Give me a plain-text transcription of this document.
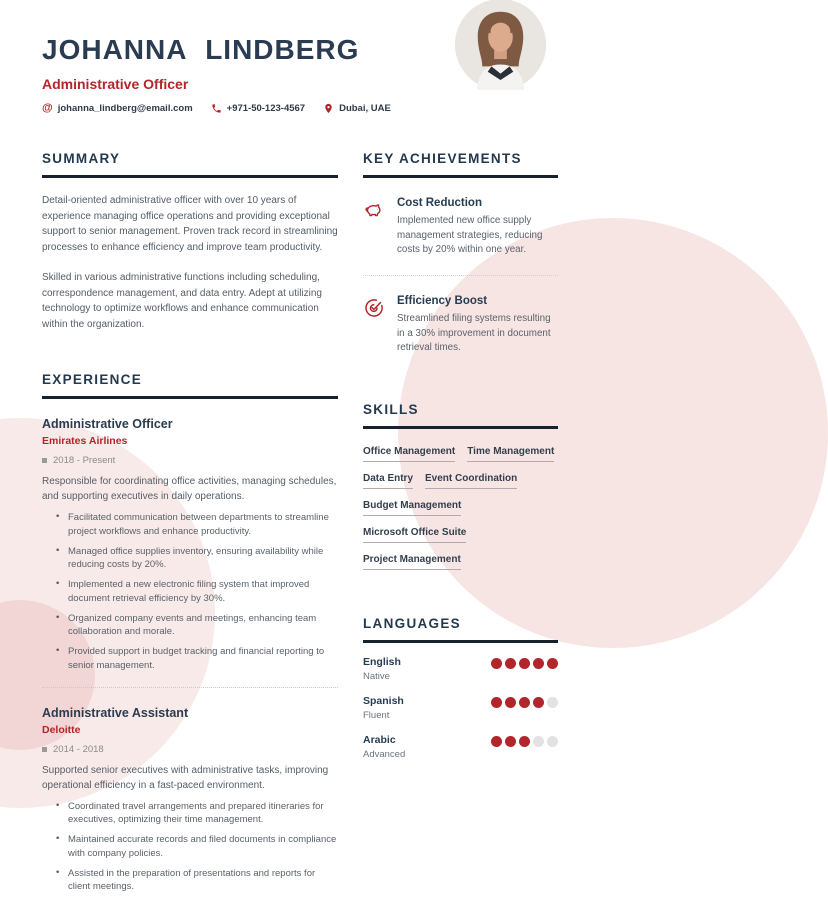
JOHANNA LINDBERG
Administrative Officer
@ johanna_lindberg@email.com	+971-50-123-4567	Dubai, UAE
SUMMARY

Detail-oriented administrative officer with over 10 years of experience managing office operations and providing exceptional support to senior management. Proven track record in streamlining processes to enhance efficiency and improve team productivity.

Skilled in various administrative functions including scheduling, correspondence management, and data entry. Adept at utilizing technology to optimize workflows and enhance communication within the organization.

EXPERIENCE
Administrative Officer
Emirates Airlines
2018 - Present

Responsible for coordinating office activities, managing schedules, and supporting executives in daily operations.

• Facilitated communication between departments to streamline project workflows and enhance productivity.
• Managed office supplies inventory, ensuring availability while reducing costs by 20%.
• Implemented a new electronic filing system that improved document retrieval efficiency by 30%.
• Organized company events and meetings, enhancing team collaboration and morale.
• Provided support in budget tracking and financial reporting to senior management.
Administrative Assistant
Deloitte
2014 - 2018

Supported senior executives with administrative tasks, improving operational efficiency in a fast-paced environment.

• Coordinated travel arrangements and prepared itineraries for executives, optimizing their time management.
• Maintained accurate records and filed documents in compliance with company policies.
• Assisted in the preparation of presentations and reports for client meetings.
KEY ACHIEVEMENTS
Cost Reduction
Implemented new office supply management strategies, reducing costs by 20% within one year.
Efficiency Boost
Streamlined filing systems resulting in a 30% improvement in document retrieval times.
SKILLS
Office Management Time Management
Data Entry Event Coordination
Budget Management
Microsoft Office Suite
Project Management
LANGUAGES
English
Native
Spanish
Fluent
Arabic
Advanced
